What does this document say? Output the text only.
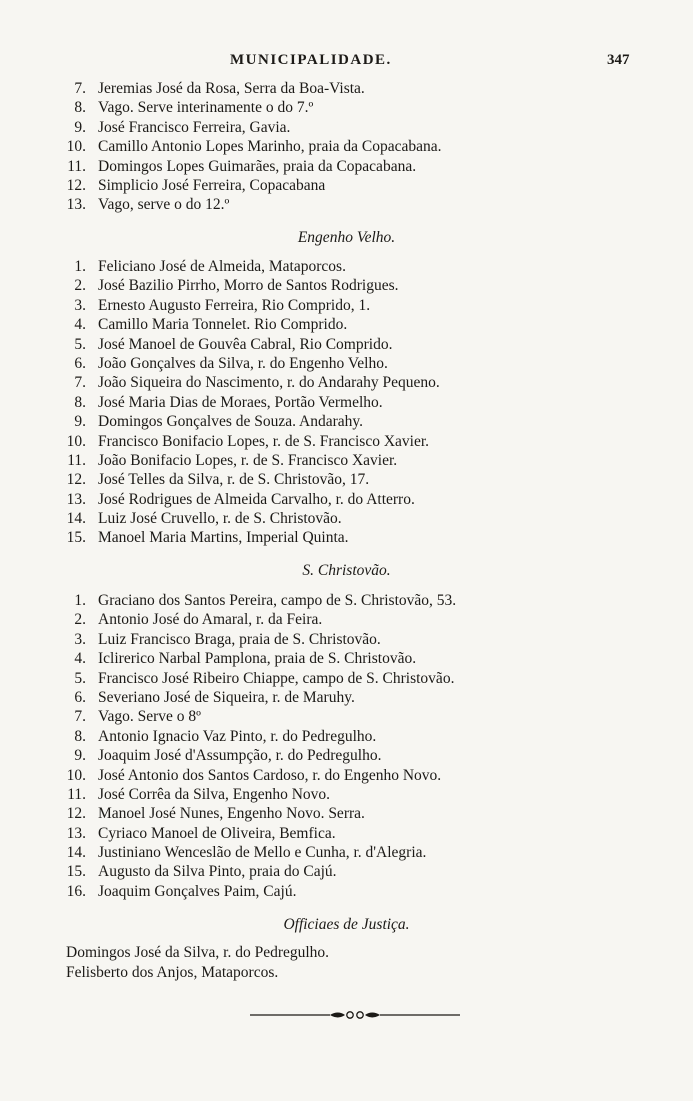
MUNICIPALIDADE.	347
7. Jeremias José da Rosa, Serra da Boa-Vista.
8. Vago. Serve interinamente o do 7.º
9. José Francisco Ferreira, Gavia.
10. Camillo Antonio Lopes Marinho, praia da Copacabana.
11. Domingos Lopes Guimarães, praia da Copacabana.
12. Simplicio José Ferreira, Copacabana
13. Vago, serve o do 12.º
Engenho Velho.
1. Feliciano José de Almeida, Mataporcos.
2. José Bazilio Pirrho, Morro de Santos Rodrigues.
3. Ernesto Augusto Ferreira, Rio Comprido, 1.
4. Camillo Maria Tonnelet. Rio Comprido.
5. José Manoel de Gouvêa Cabral, Rio Comprido.
6. João Gonçalves da Silva, r. do Engenho Velho.
7. João Siqueira do Nascimento, r. do Andarahy Pequeno.
8. José Maria Dias de Moraes, Portão Vermelho.
9. Domingos Gonçalves de Souza. Andarahy.
10. Francisco Bonifacio Lopes, r. de S. Francisco Xavier.
11. João Bonifacio Lopes, r. de S. Francisco Xavier.
12. José Telles da Silva, r. de S. Christovão, 17.
13. José Rodrigues de Almeida Carvalho, r. do Atterro.
14. Luiz José Cruvello, r. de S. Christovão.
15. Manoel Maria Martins, Imperial Quinta.
S. Christovão.
1. Graciano dos Santos Pereira, campo de S. Christovão, 53.
2. Antonio José do Amaral, r. da Feira.
3. Luiz Francisco Braga, praia de S. Christovão.
4. Iclirerico Narbal Pamplona, praia de S. Christovão.
5. Francisco José Ribeiro Chiappe, campo de S. Christovão.
6. Severiano José de Siqueira, r. de Maruhy.
7. Vago. Serve o 8º
8. Antonio Ignacio Vaz Pinto, r. do Pedregulho.
9. Joaquim José d'Assumpção, r. do Pedregulho.
10. José Antonio dos Santos Cardoso, r. do Engenho Novo.
11. José Corrêa da Silva, Engenho Novo.
12. Manoel José Nunes, Engenho Novo. Serra.
13. Cyriaco Manoel de Oliveira, Bemfica.
14. Justiniano Wenceslão de Mello e Cunha, r. d'Alegria.
15. Augusto da Silva Pinto, praia do Cajú.
16. Joaquim Gonçalves Paim, Cajú.
Officiaes de Justiça.
Domingos José da Silva, r. do Pedregulho.
Felisberto dos Anjos, Mataporcos.
